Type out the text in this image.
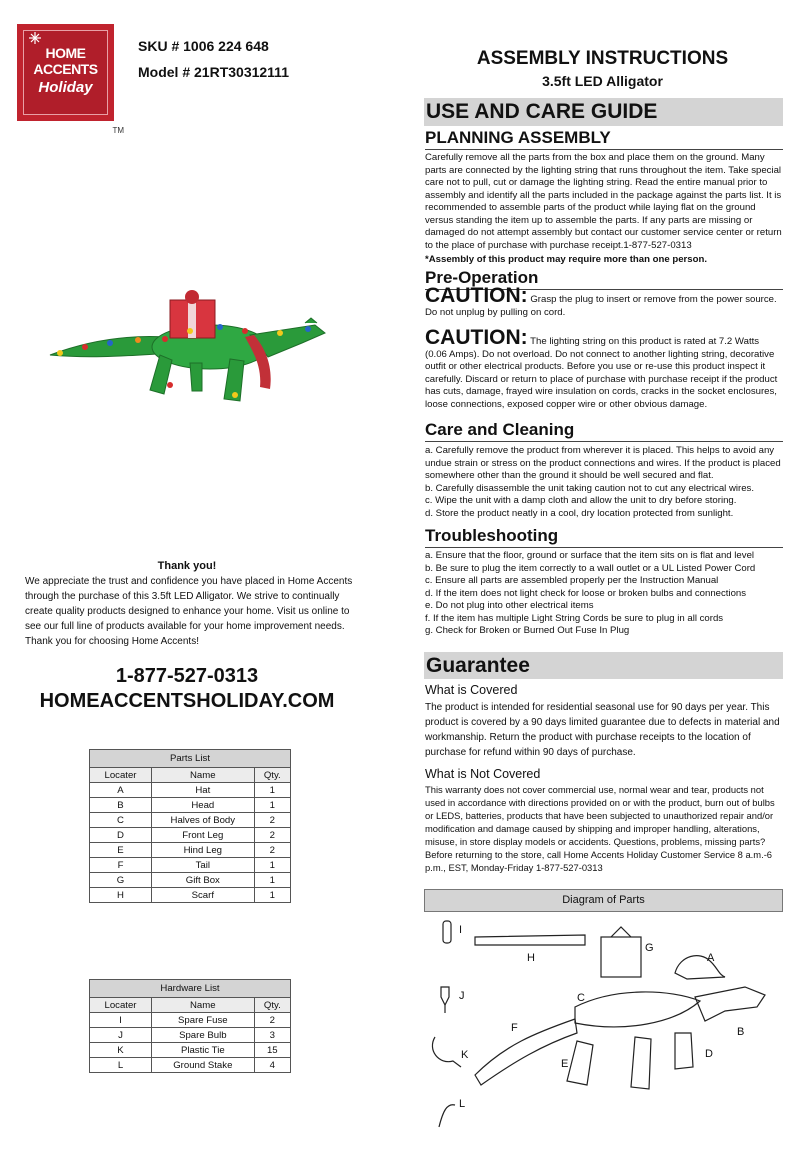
HOME
ACCENTS
Holiday
TM
SKU # 1006 224 648
Model # 21RT30312111
ASSEMBLY INSTRUCTIONS
3.5ft LED Alligator
USE AND CARE GUIDE
PLANNING ASSEMBLY
Carefully remove all the parts from the box and place them on the ground. Many parts are connected by the lighting string that runs throughout the item. Take special care not to pull, cut or damage the lighting string. Read the entire manual prior to assembly and identify all the parts included in the package against the parts list. It is recommended to assemble parts of the product while laying flat on the ground versus standing the item up to assemble the parts. If any parts are missing or damaged do not attempt assembly but contact our customer service center or return to the place of purchase with purchase receipt.1-877-527-0313
*Assembly of this product may require more than one person.
Pre-Operation
CAUTION: Grasp the plug to insert or remove from the power source. Do not unplug by pulling on cord.
CAUTION: The lighting string on this product is rated at 7.2 Watts (0.06 Amps). Do not overload. Do not connect to another lighting string, decorative outfit or other electrical products. Before you use or re-use this product inspect it carefully. Discard or return to place of purchase with purchase receipt if the product has cuts, damage, frayed wire insulation on cords, cracks in the socket enclosures, loose connections, exposed copper wire or other obvious damage.
Care and Cleaning
a. Carefully remove the product from wherever it is placed. This helps to avoid any undue strain or stress on the product connections and wires. If the product is placed somewhere other than the ground it should be well secured and flat.
b. Carefully disassemble the unit taking caution not to cut any electrical wires.
c. Wipe the unit with a damp cloth and allow the unit to dry before storing.
d. Store the product neatly in a cool, dry location protected from sunlight.
Troubleshooting
a. Ensure that the floor, ground or surface that the item sits on is flat and level
b. Be sure to plug the item correctly to a wall outlet or a UL Listed Power Cord
c. Ensure all parts are assembled properly per the Instruction Manual
d. If the item does not light check for loose or broken bulbs and connections
e. Do not plug into other electrical items
f. If the item has multiple Light String Cords be sure to plug in all cords
g. Check for Broken or Burned Out Fuse In Plug
Guarantee
What is Covered
The product is intended for residential seasonal use for 90 days per year. This product is covered by a 90 days limited guarantee due to defects in material and workmanship. Return the product with purchase receipts to the location of purchase for refund within 90 days of purchase.
What is Not Covered
This warranty does not cover commercial use, normal wear and tear, products not used in accordance with directions provided on or with the product, burn out of bulbs or LEDS, batteries, products that have been subjected to unauthorized repair and/or modification and damage caused by shipping and improper handling, alterations, misuse, in store display models or accidents. Questions, problems, missing parts? Before returning to the store, call Home Accents Holiday Customer Service 8 a.m.-6 p.m., EST, Monday-Friday 1-877-527-0313
Diagram of Parts
Thank you!
We appreciate the trust and confidence you have placed in Home Accents through the purchase of this 3.5ft LED Alligator. We strive to continually create quality products designed to enhance your home. Visit us online to see our full line of products available for your home improvement needs. Thank you for choosing Home Accents!
1-877-527-0313
HOMEACCENTSHOLIDAY.COM
Parts List		
Locater	Name	Qty.
A	Hat	1
B	Head	1
C	Halves of Body	2
D	Front Leg	2
E	Hind Leg	2
F	Tail	1
G	Gift Box	1
H	Scarf	1
Hardware List		
Locater	Name	Qty.
I	Spare Fuse	2
J	Spare Bulb	3
K	Plastic Tie	15
L	Ground Stake	4
I
J
K
L
H
G
A
B
C
D
E
F
